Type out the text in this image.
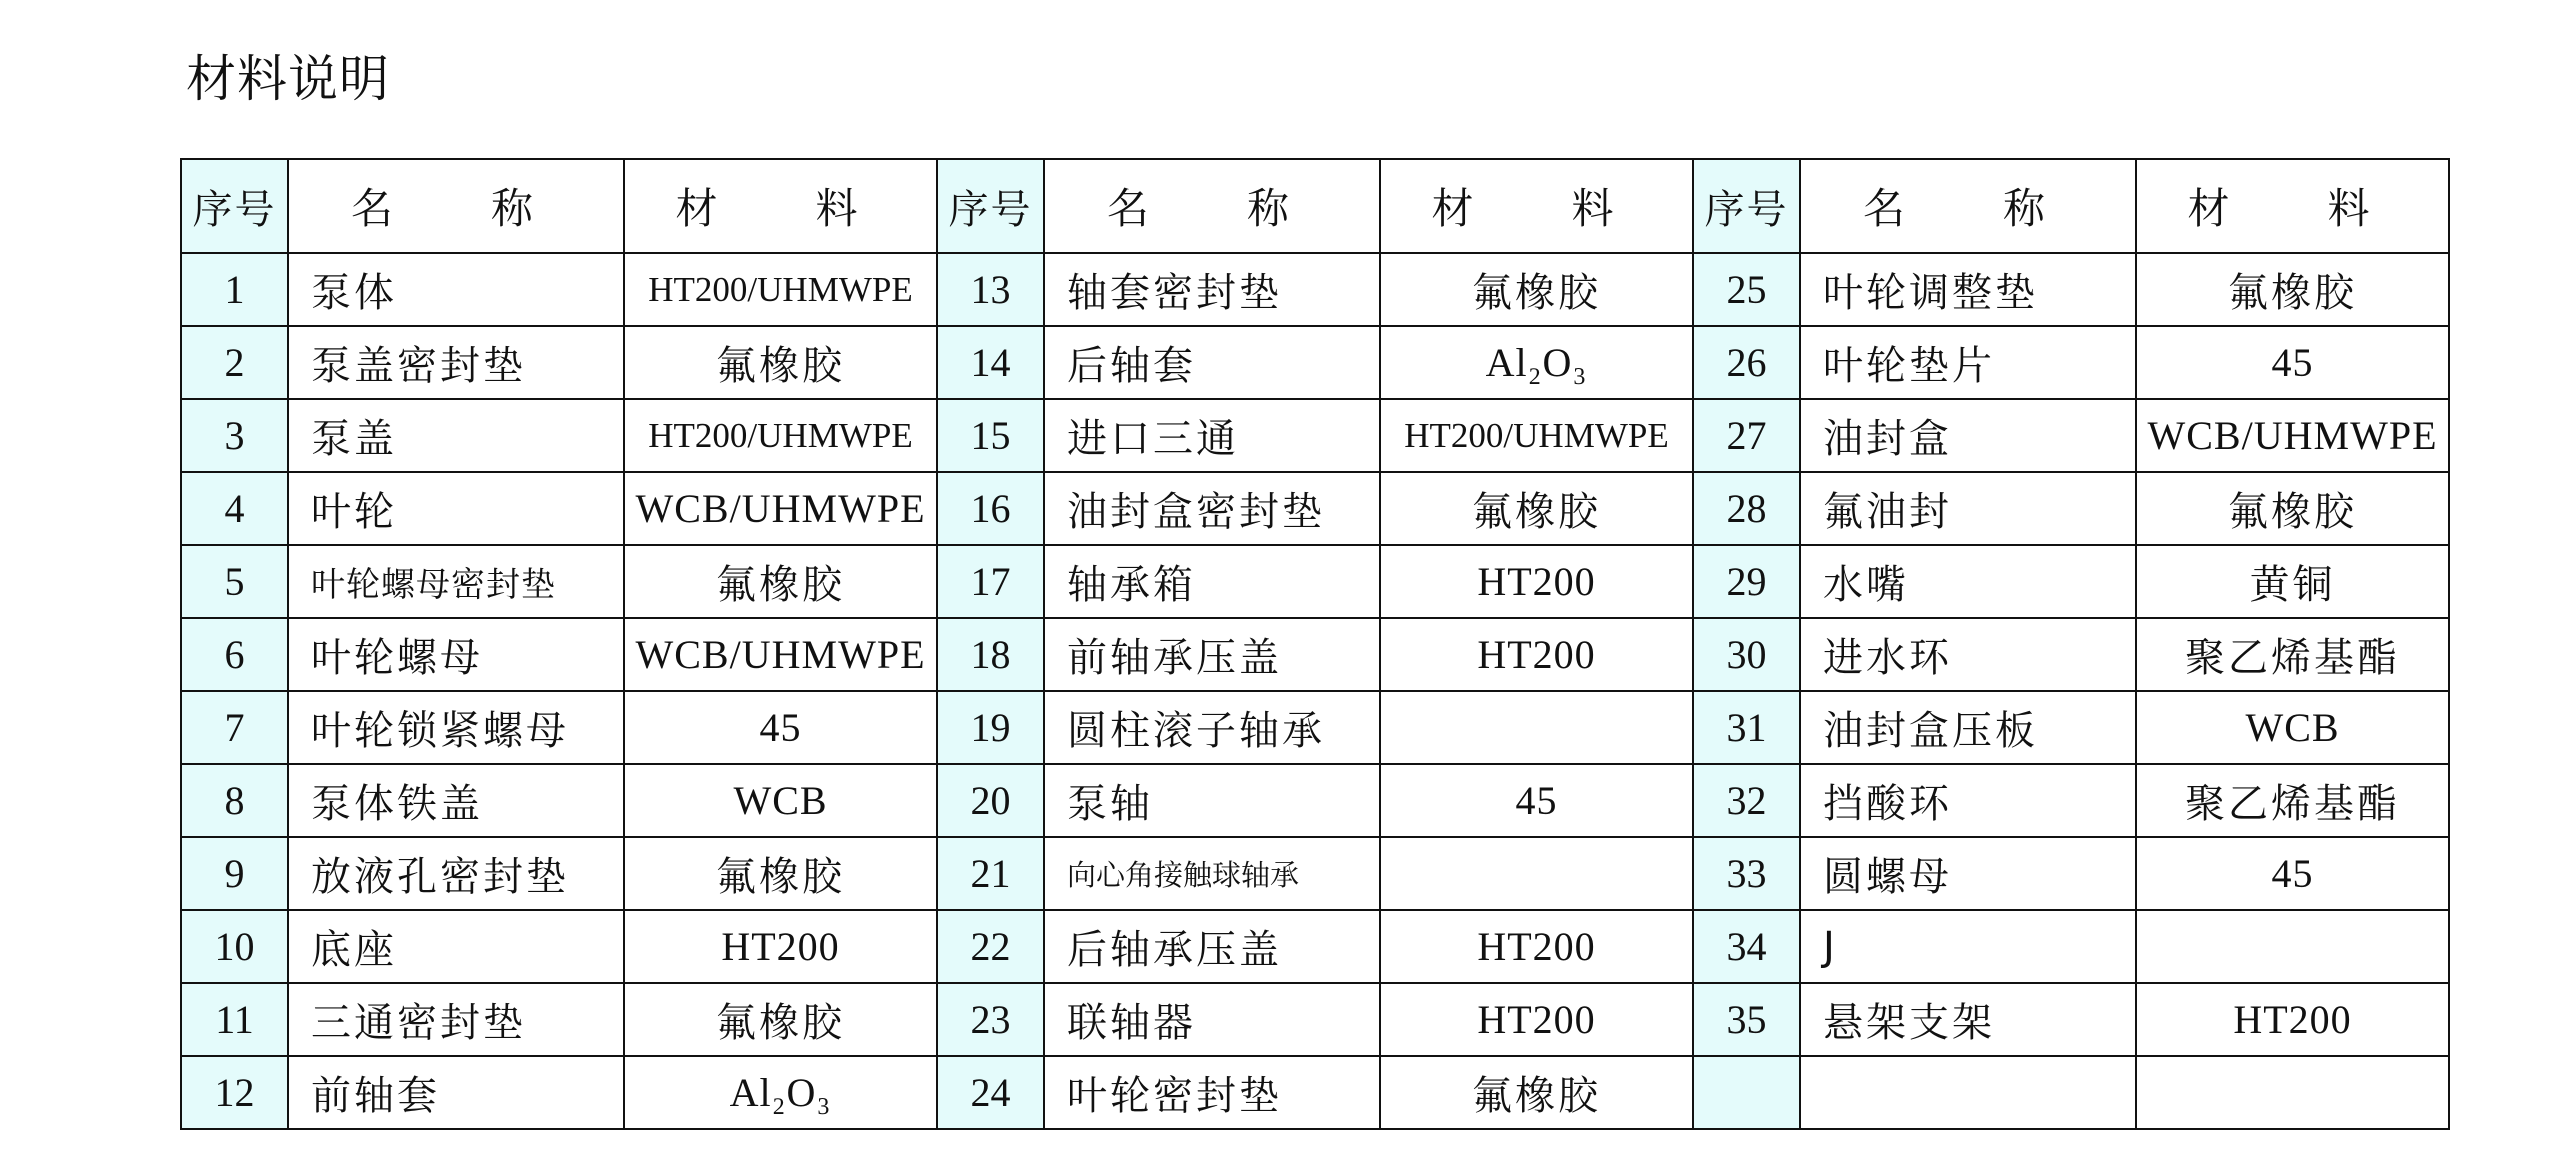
材料说明
序号	名　称	材　料	序号	名　称	材　料	序号	名　称	材　料
1	泵体	HT200/UHMWPE	13	轴套密封垫	氟橡胶	25	叶轮调整垫	氟橡胶
2	泵盖密封垫	氟橡胶	14	后轴套	Al₂O₃	26	叶轮垫片	45
3	泵盖	HT200/UHMWPE	15	进口三通	HT200/UHMWPE	27	油封盒	WCB/UHMWPE
4	叶轮	WCB/UHMWPE	16	油封盒密封垫	氟橡胶	28	氟油封	氟橡胶
5	叶轮螺母密封垫	氟橡胶	17	轴承箱	HT200	29	水嘴	黄铜
6	叶轮螺母	WCB/UHMWPE	18	前轴承压盖	HT200	30	进水环	聚乙烯基酯
7	叶轮锁紧螺母	45	19	圆柱滚子轴承		31	油封盒压板	WCB
8	泵体铁盖	WCB	20	泵轴	45	32	挡酸环	聚乙烯基酯
9	放液孔密封垫	氟橡胶	21	向心角接触球轴承		33	圆螺母	45
10	底座	HT200	22	后轴承压盖	HT200	34	J	
11	三通密封垫	氟橡胶	23	联轴器	HT200	35	悬架支架	HT200
12	前轴套	Al₂O₃	24	叶轮密封垫	氟橡胶			
